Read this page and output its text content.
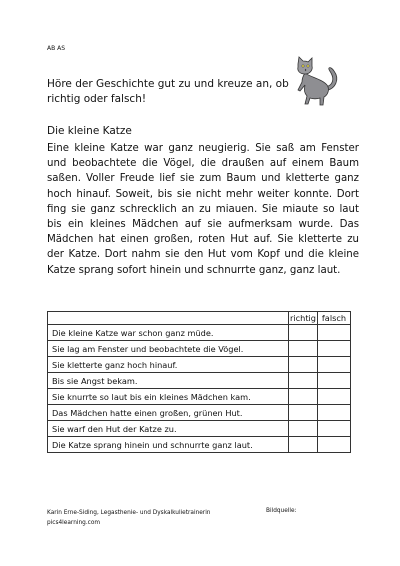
AB AS
Höre der Geschichte gut zu und kreuze an, ob richtig oder falsch!
Die kleine Katze
Eine kleine Katze war ganz neugierig. Sie saß am Fenster und beobachtete die Vögel, die draußen auf einem Baum saßen. Voller Freude lief sie zum Baum und kletterte ganz hoch hinauf. Soweit, bis sie nicht mehr weiter konnte. Dort fing sie ganz schrecklich an zu miauen. Sie miaute so laut bis ein kleines Mädchen auf sie aufmerksam wurde. Das Mädchen hat einen großen, roten Hut auf. Sie kletterte zu der Katze. Dort nahm sie den Hut vom Kopf und die kleine Katze sprang sofort hinein und schnurrte ganz, ganz laut.
	richtig	falsch
Die kleine Katze war schon ganz müde.		
Sie lag am Fenster und beobachtete die Vögel.		
Sie kletterte ganz hoch hinauf.		
Bis sie Angst bekam.		
Sie knurrte so laut bis ein kleines Mädchen kam.		
Das Mädchen hatte einen großen, grünen Hut.		
Sie warf den Hut der Katze zu.		
Die Katze sprang hinein und schnurrte ganz laut.		
Karin Erne-Siding, Legasthenie- und Dyskalkulietrainerin
pics4learning.com
Bildquelle:
